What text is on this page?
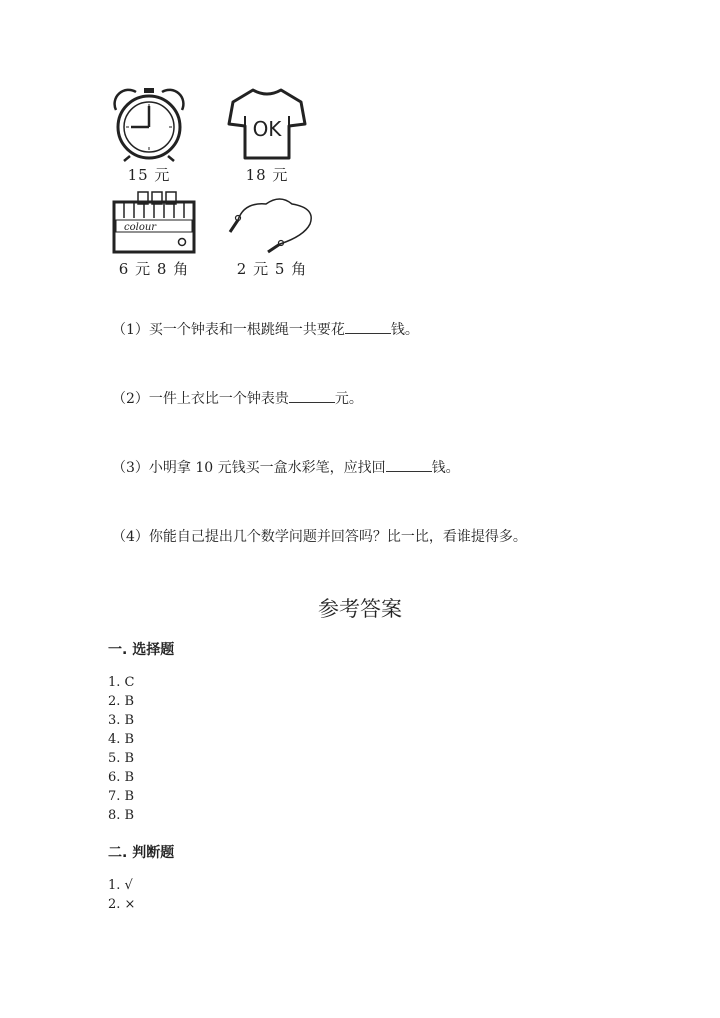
15 元
OK
18 元
colour
6 元 8 角	2 元 5 角
（1）买一个钟表和一根跳绳一共要花	钱。
（2）一件上衣比一个钟表贵	元。
（3）小明拿 10 元钱买一盒水彩笔，应找回	钱。
（4）你能自己提出几个数学问题并回答吗？比一比，看谁提得多。
参考答案
一. 选择题
1. C
2. B
3. B
4. B
5. B
6. B
7. B
8. B
二. 判断题
1. √
2. ×
